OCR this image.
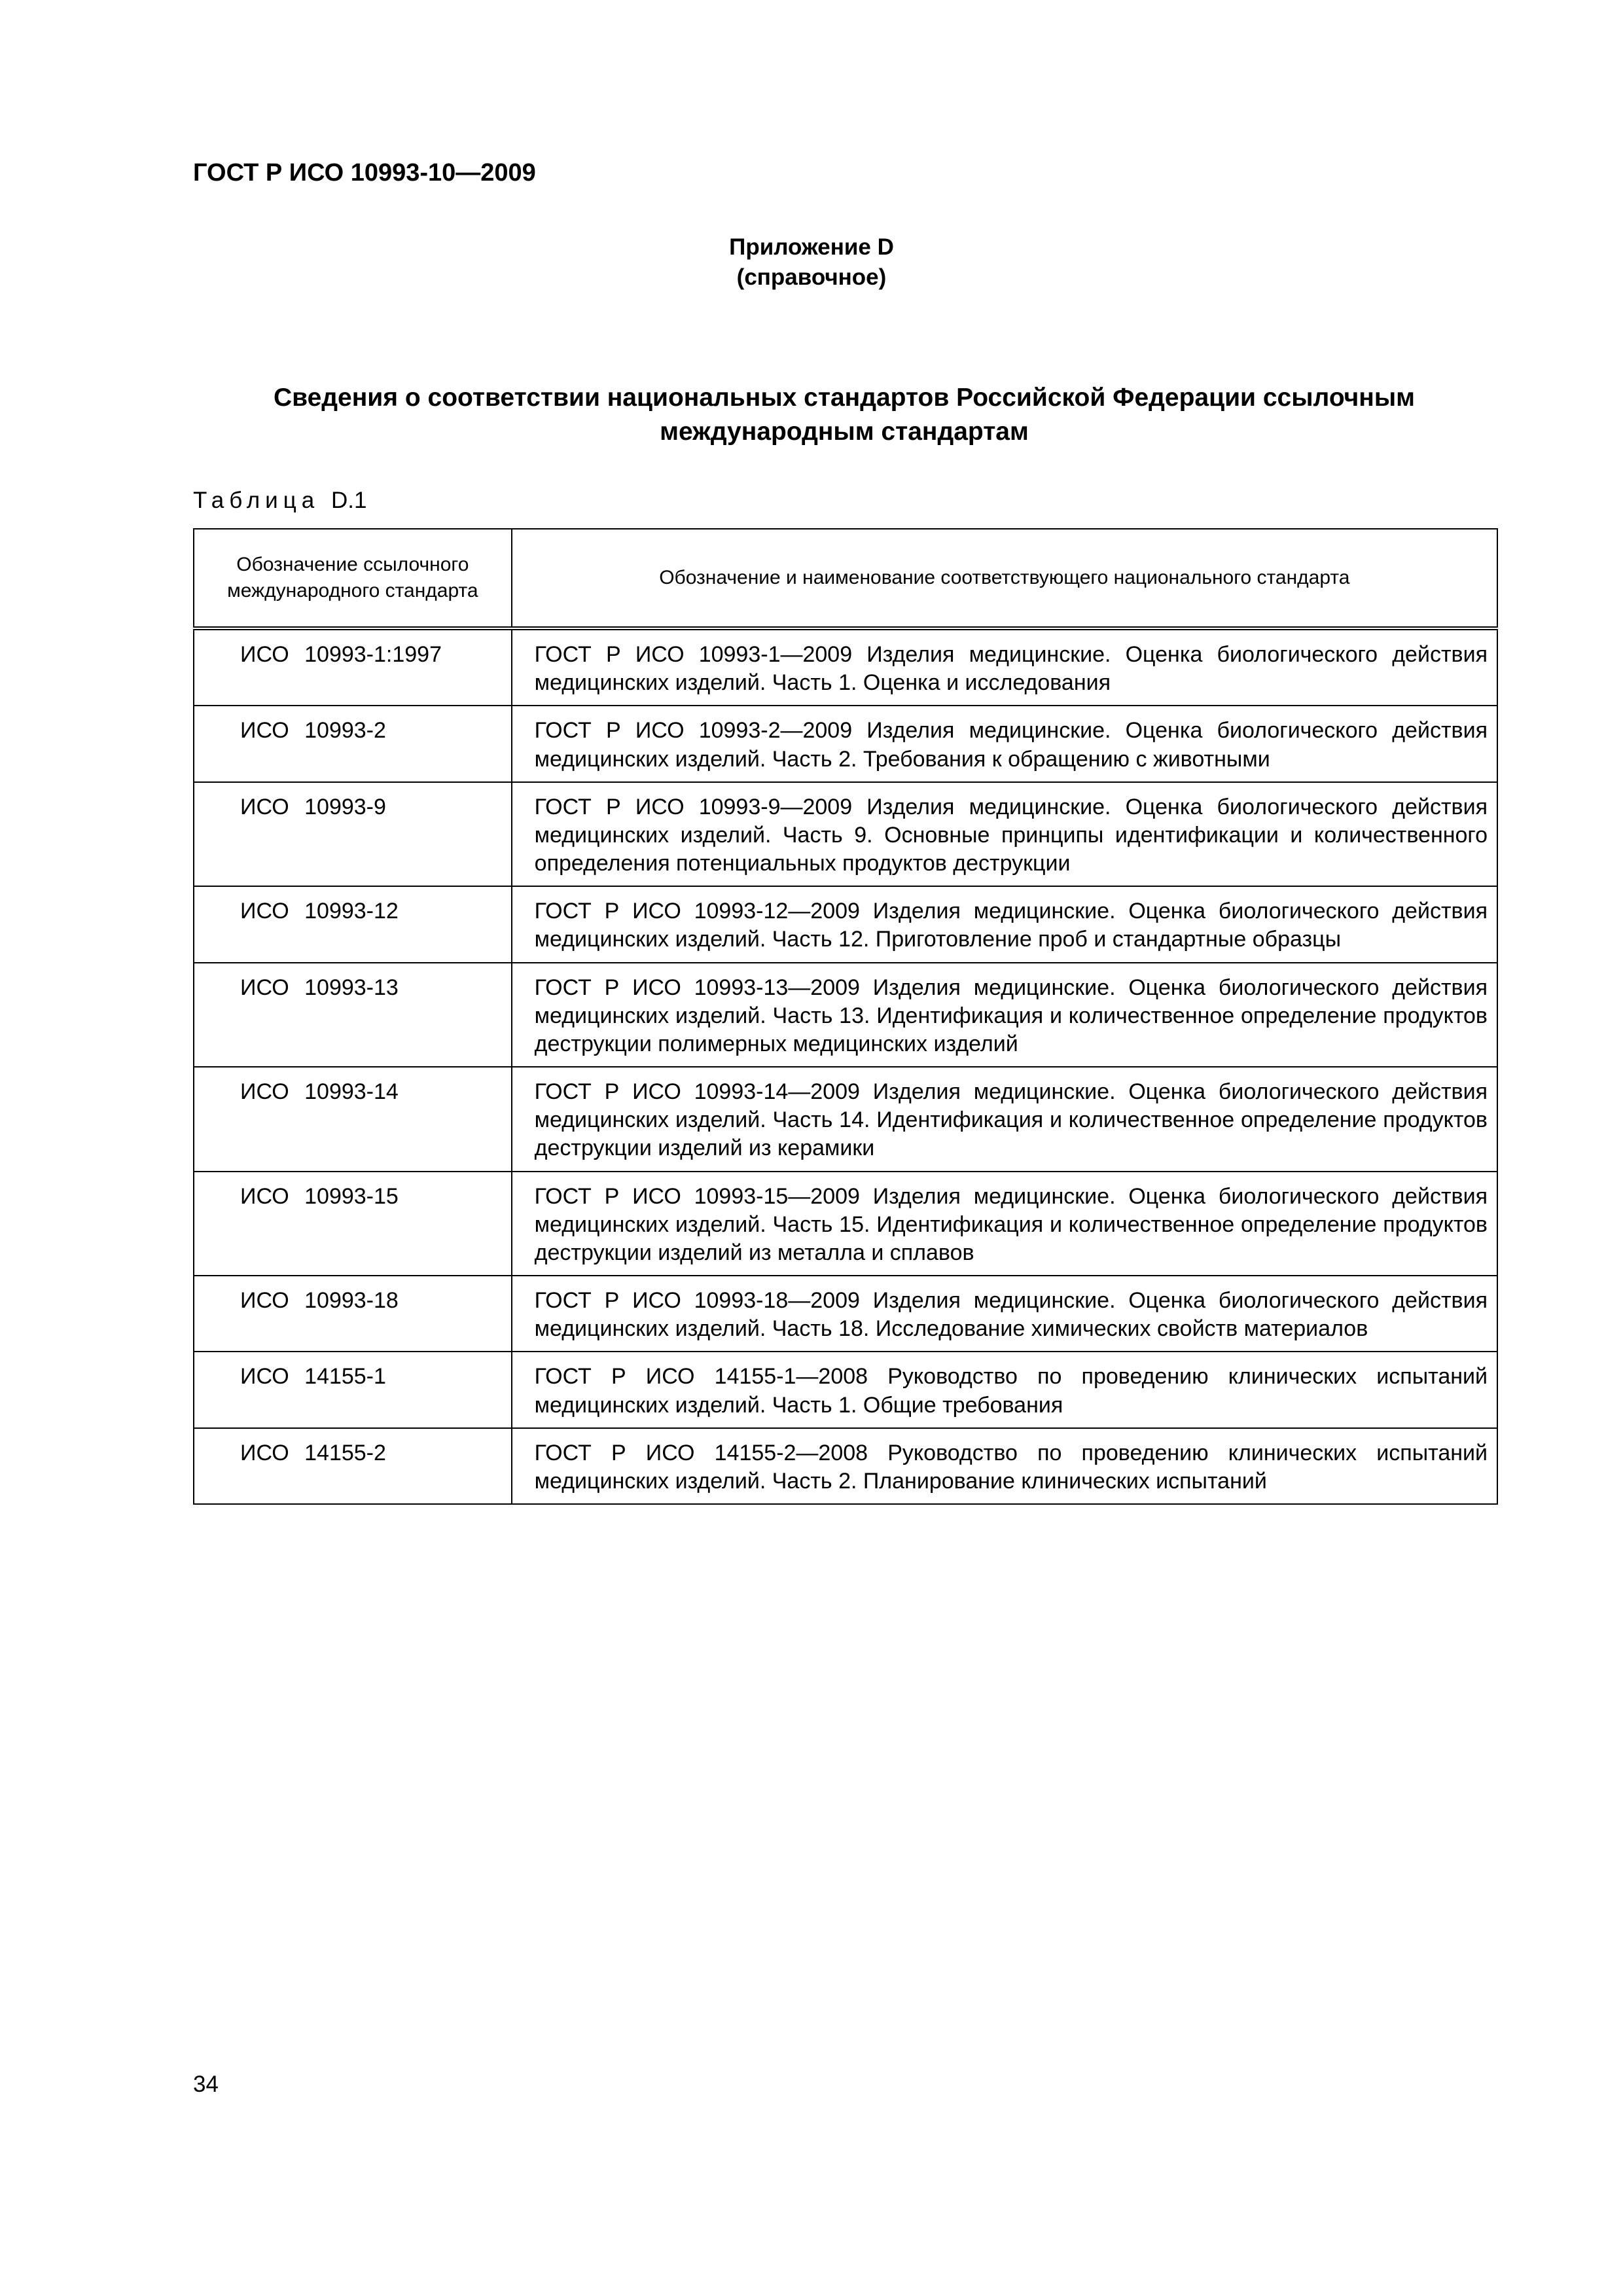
ГОСТ Р ИСО 10993-10—2009
Приложение D
(справочное)
Сведения о соответствии национальных стандартов Российской Федерации ссылочным международным стандартам
Таблица D.1
Обозначение ссылочного международного стандарта	Обозначение и наименование соответствующего национального стандарта
ИСО 10993-1:1997	ГОСТ Р ИСО 10993-1—2009 Изделия медицинские. Оценка биологического действия медицинских изделий. Часть 1. Оценка и исследования
ИСО 10993-2	ГОСТ Р ИСО 10993-2—2009 Изделия медицинские. Оценка биологического действия медицинских изделий. Часть 2. Требования к обращению с животными
ИСО 10993-9	ГОСТ Р ИСО 10993-9—2009 Изделия медицинские. Оценка биологического действия медицинских изделий. Часть 9. Основные принципы идентификации и количественного определения потенциальных продуктов деструкции
ИСО 10993-12	ГОСТ Р ИСО 10993-12—2009 Изделия медицинские. Оценка биологического действия медицинских изделий. Часть 12. Приготовление проб и стандартные образцы
ИСО 10993-13	ГОСТ Р ИСО 10993-13—2009 Изделия медицинские. Оценка биологического действия медицинских изделий. Часть 13. Идентификация и количественное определение продуктов деструкции полимерных медицинских изделий
ИСО 10993-14	ГОСТ Р ИСО 10993-14—2009 Изделия медицинские. Оценка биологического действия медицинских изделий. Часть 14. Идентификация и количественное определение продуктов деструкции изделий из керамики
ИСО 10993-15	ГОСТ Р ИСО 10993-15—2009 Изделия медицинские. Оценка биологического действия медицинских изделий. Часть 15. Идентификация и количественное определение продуктов деструкции изделий из металла и сплавов
ИСО 10993-18	ГОСТ Р ИСО 10993-18—2009 Изделия медицинские. Оценка биологического действия медицинских изделий. Часть 18. Исследование химических свойств материалов
ИСО 14155-1	ГОСТ Р ИСО 14155-1—2008 Руководство по проведению клинических испытаний медицинских изделий. Часть 1. Общие требования
ИСО 14155-2	ГОСТ Р ИСО 14155-2—2008 Руководство по проведению клинических испытаний медицинских изделий. Часть 2. Планирование клинических испытаний
34
